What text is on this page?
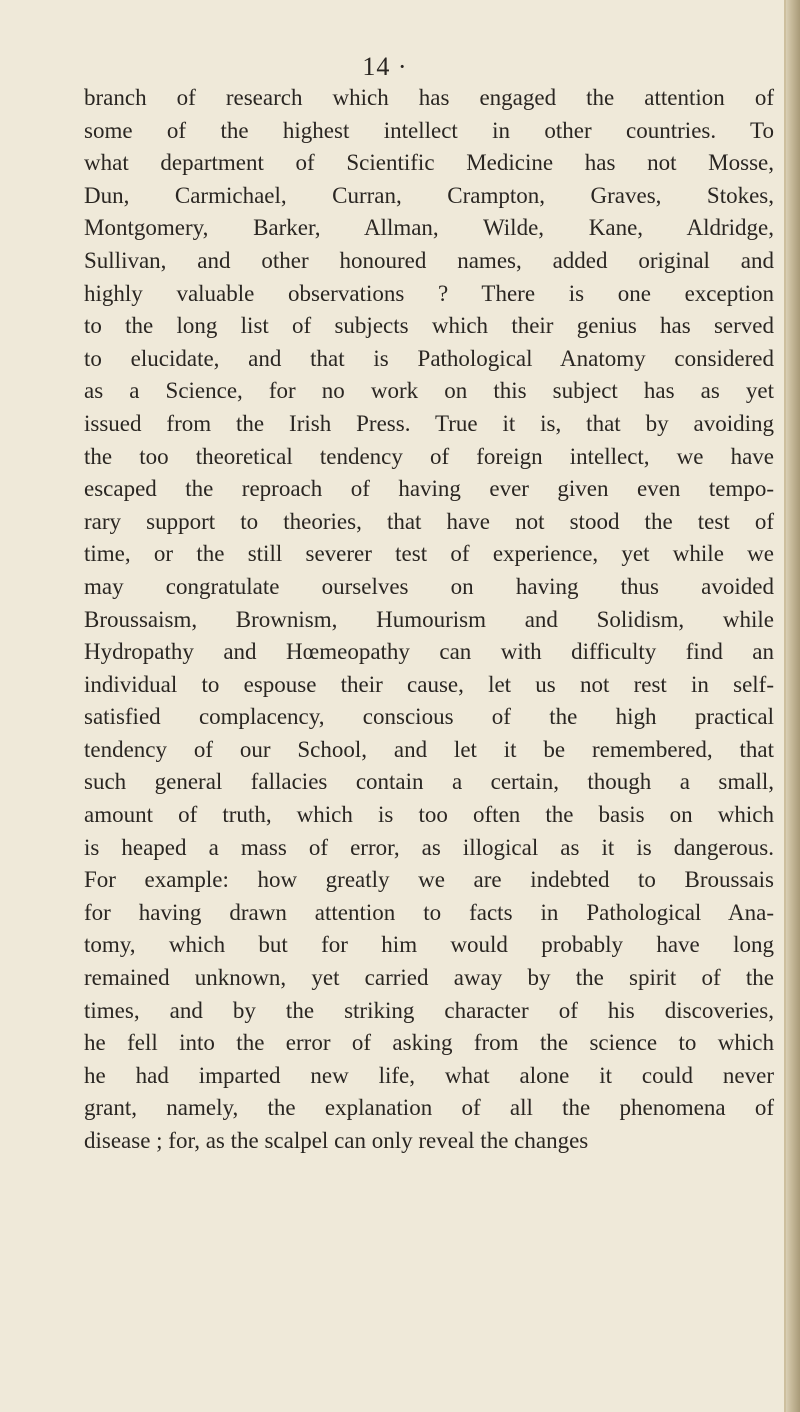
14 ·
branch of research which has engaged the attention of
some of the highest intellect in other countries. To
what department of Scientific Medicine has not Mosse,
Dun, Carmichael, Curran, Crampton, Graves, Stokes,
Montgomery, Barker, Allman, Wilde, Kane, Aldridge,
Sullivan, and other honoured names, added original and
highly valuable observations ? There is one exception
to the long list of subjects which their genius has served
to elucidate, and that is Pathological Anatomy considered
as a Science, for no work on this subject has as yet
issued from the Irish Press. True it is, that by avoiding
the too theoretical tendency of foreign intellect, we have
escaped the reproach of having ever given even tempo-
rary support to theories, that have not stood the test of
time, or the still severer test of experience, yet while we
may congratulate ourselves on having thus avoided
Broussaism, Brownism, Humourism and Solidism, while
Hydropathy and Hœmeopathy can with difficulty find an
individual to espouse their cause, let us not rest in self-
satisfied complacency, conscious of the high practical
tendency of our School, and let it be remembered, that
such general fallacies contain a certain, though a small,
amount of truth, which is too often the basis on which
is heaped a mass of error, as illogical as it is dangerous.
For example: how greatly we are indebted to Broussais
for having drawn attention to facts in Pathological Ana-
tomy, which but for him would probably have long
remained unknown, yet carried away by the spirit of the
times, and by the striking character of his discoveries,
he fell into the error of asking from the science to which
he had imparted new life, what alone it could never
grant, namely, the explanation of all the phenomena of
disease ; for, as the scalpel can only reveal the changes
